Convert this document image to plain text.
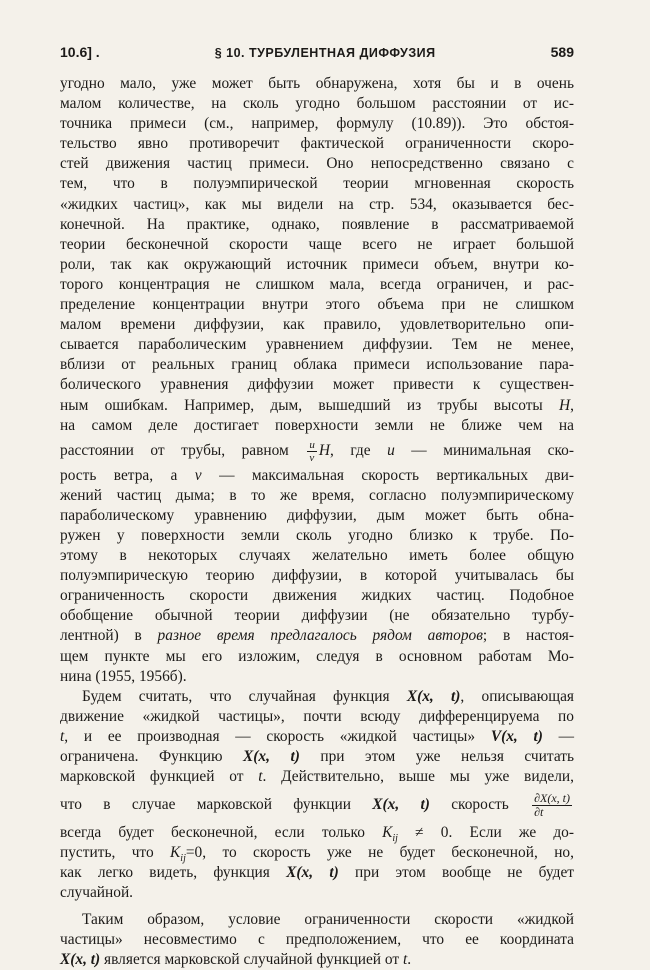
10.6] .	§ 10. ТУРБУЛЕНТНАЯ ДИФФУЗИЯ	589
угодно мало, уже может быть обнаружена, хотя бы и в очень
малом количестве, на сколь угодно большом расстоянии от ис-
точника примеси (см., например, формулу (10.89)). Это обстоя-
тельство явно противоречит фактической ограниченности скоро-
стей движения частиц примеси. Оно непосредственно связано с
тем, что в полуэмпирической теории мгновенная скорость
«жидких частиц», как мы видели на стр. 534, оказывается бес-
конечной. На практике, однако, появление в рассматриваемой
теории бесконечной скорости чаще всего не играет большой
роли, так как окружающий источник примеси объем, внутри ко-
торого концентрация не слишком мала, всегда ограничен, и рас-
пределение концентрации внутри этого объема при не слишком
малом времени диффузии, как правило, удовлетворительно опи-
сывается параболическим уравнением диффузии. Тем не менее,
вблизи от реальных границ облака примеси использование пара-
болического уравнения диффузии может привести к существен-
ным ошибкам. Например, дым, вышедший из трубы высоты H,
на самом деле достигает поверхности земли не ближе чем на
расстоянии от трубы, равном $\frac{u}{v} H$, где u — минимальная ско-
рость ветра, а v — максимальная скорость вертикальных дви-
жений частиц дыма; в то же время, согласно полуэмпирическому
параболическому уравнению диффузии, дым может быть обна-
ружен у поверхности земли сколь угодно близко к трубе. По-
этому в некоторых случаях желательно иметь более общую
полуэмпирическую теорию диффузии, в которой учитывалась бы
ограниченность скорости движения жидких частиц. Подобное
обобщение обычной теории диффузии (не обязательно турбу-
лентной) в разное время предлагалось рядом авторов; в настоя-
щем пункте мы его изложим, следуя в основном работам Мо-
нина (1955, 1956б).
Будем считать, что случайная функция X(x, t), описывающая
движение «жидкой частицы», почти всюду дифференцируема по
t, и ее производная — скорость «жидкой частицы» V(x, t) —
ограничена. Функцию X(x, t) при этом уже нельзя считать
марковской функцией от t. Действительно, выше мы уже видели,
что в случае марковской функции X(x, t) скорость $\frac{\partial X(x, t)}{\partial t}$
всегда будет бесконечной, если только $K_{ij} \ne 0$. Если же до-
пустить, что $K_{ij}=0$, то скорость уже не будет бесконечной, но,
как легко видеть, функция X(x, t) при этом вообще не будет
случайной.
Таким образом, условие ограниченности скорости «жидкой
частицы» несовместимо с предположением, что ее координата
X(x, t) является марковской случайной функцией от t.
